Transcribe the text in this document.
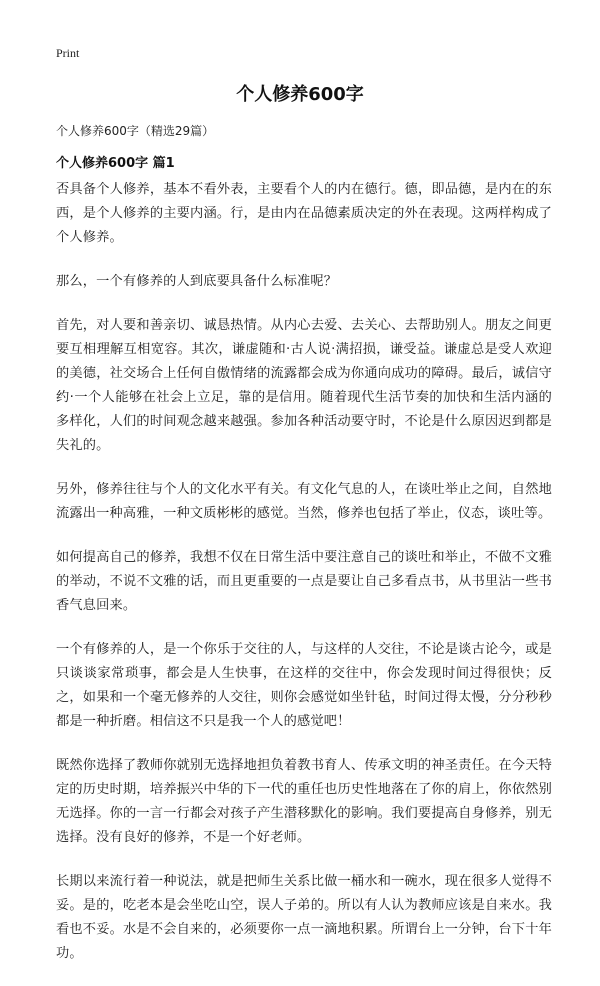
Print
个人修养600字

个人修养600字（精选29篇）

个人修养600字 篇1

否具备个人修养，基本不看外表，主要看个人的内在德行。德，即品德，是内在的东西，是个人修养的主要内涵。行，是由内在品德素质决定的外在表现。这两样构成了个人修养。

那么，一个有修养的人到底要具备什么标准呢？

首先，对人要和善亲切、诚恳热情。从内心去爱、去关心、去帮助别人。朋友之间更要互相理解互相宽容。其次，谦虚随和·古人说·满招损，谦受益。谦虚总是受人欢迎的美德，社交场合上任何自傲情绪的流露都会成为你通向成功的障碍。最后，诚信守约·一个人能够在社会上立足，靠的是信用。随着现代生活节奏的加快和生活内涵的多样化，人们的时间观念越来越强。参加各种活动要守时，不论是什么原因迟到都是失礼的。

另外，修养往往与个人的文化水平有关。有文化气息的人，在谈吐举止之间，自然地流露出一种高雅，一种文质彬彬的感觉。当然，修养也包括了举止，仪态，谈吐等。

如何提高自己的修养，我想不仅在日常生活中要注意自己的谈吐和举止，不做不文雅的举动，不说不文雅的话，而且更重要的一点是要让自己多看点书，从书里沾一些书香气息回来。

一个有修养的人，是一个你乐于交往的人，与这样的人交往，不论是谈古论今，或是只谈谈家常琐事，都会是人生快事，在这样的交往中，你会发现时间过得很快；反之，如果和一个毫无修养的人交往，则你会感觉如坐针毡，时间过得太慢，分分秒秒都是一种折磨。相信这不只是我一个人的感觉吧！

既然你选择了教师你就别无选择地担负着教书育人、传承文明的神圣责任。在今天特定的历史时期，培养振兴中华的下一代的重任也历史性地落在了你的肩上，你依然别无选择。你的一言一行都会对孩子产生潜移默化的影响。我们要提高自身修养，别无选择。没有良好的修养，不是一个好老师。

长期以来流行着一种说法，就是把师生关系比做一桶水和一碗水，现在很多人觉得不妥。是的，吃老本是会坐吃山空，误人子弟的。所以有人认为教师应该是自来水。我看也不妥。水是不会自来的，必须要你一点一滴地积累。所谓台上一分钟，台下十年功。
